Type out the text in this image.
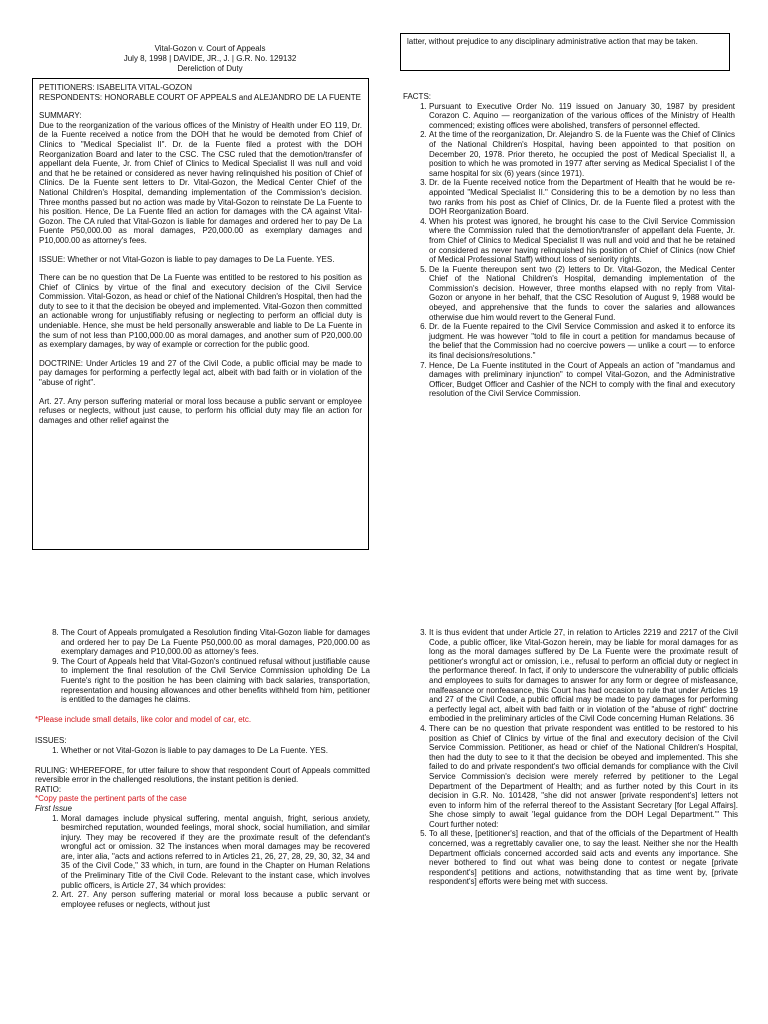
Vital-Gozon v. Court of Appeals
July 8, 1998 | DAVIDE, JR., J. | G.R. No. 129132
Dereliction of Duty

latter, without prejudice to any disciplinary administrative action that may be taken.

PETITIONERS: ISABELITA VITAL-GOZON

RESPONDENTS: HONORABLE COURT OF APPEALS and ALEJANDRO DE LA FUENTE

SUMMARY:

Due to the reorganization of the various offices of the Ministry of Health under EO 119, Dr. de la Fuente received a notice from the DOH that he would be demoted from Chief of Clinics to "Medical Specialist II". Dr. de la Fuente filed a protest with the DOH Reorganization Board and later to the CSC. The CSC ruled that the demotion/transfer of appellant dela Fuente, Jr. from Chief of Clinics to Medical Specialist II was null and void and that he be retained or considered as never having relinquished his position of Chief of Clinics. De la Fuente sent letters to Dr. Vital-Gozon, the Medical Center Chief of the National Children's Hospital, demanding implementation of the Commission's decision. Three months passed but no action was made by Vital-Gozon to reinstate De La Fuente to his position. Hence, De La Fuente filed an action for damages with the CA against Vital-Gozon. The CA ruled that Vital-Gozon is liable for damages and ordered her to pay De La Fuente P50,000.00 as moral damages, P20,000.00 as exemplary damages and P10,000.00 as attorney's fees.

ISSUE: Whether or not Vital-Gozon is liable to pay damages to De La Fuente. YES.

There can be no question that De La Fuente was entitled to be restored to his position as Chief of Clinics by virtue of the final and executory decision of the Civil Service Commission. Vital-Gozon, as head or chief of the National Children's Hospital, then had the duty to see to it that the decision be obeyed and implemented. Vital-Gozon then committed an actionable wrong for unjustifiably refusing or neglecting to perform an official duty is undeniable. Hence, she must be held personally answerable and liable to De La Fuente in the sum of not less than P100,000.00 as moral damages, and another sum of P20,000.00 as exemplary damages, by way of example or correction for the public good.

DOCTRINE: Under Articles 19 and 27 of the Civil Code, a public official may be made to pay damages for performing a perfectly legal act, albeit with bad faith or in violation of the "abuse of right".

Art. 27. Any person suffering material or moral loss because a public servant or employee refuses or neglects, without just cause, to perform his official duty may file an action for damages and other relief against the

FACTS:

1. Pursuant to Executive Order No. 119 issued on January 30, 1987 by president Corazon C. Aquino — reorganization of the various offices of the Ministry of Health commenced; existing offices were abolished, transfers of personnel effected.
2. At the time of the reorganization, Dr. Alejandro S. de la Fuente was the Chief of Clinics of the National Children's Hospital, having been appointed to that position on December 20, 1978. Prior thereto, he occupied the post of Medical Specialist II, a position to which he was promoted in 1977 after serving as Medical Specialist I of the same hospital for six (6) years (since 1971).
3. Dr. de la Fuente received notice from the Department of Health that he would be re-appointed "Medical Specialist II." Considering this to be a demotion by no less than two ranks from his post as Chief of Clinics, Dr. de la Fuente filed a protest with the DOH Reorganization Board.
4. When his protest was ignored, he brought his case to the Civil Service Commission where the Commission ruled that the demotion/transfer of appellant dela Fuente, Jr. from Chief of Clinics to Medical Specialist II was null and void and that he be retained or considered as never having relinquished his position of Chief of Clinics (now Chief of Medical Professional Staff) without loss of seniority rights.
5. De la Fuente thereupon sent two (2) letters to Dr. Vital-Gozon, the Medical Center Chief of the National Children's Hospital, demanding implementation of the Commission's decision. However, three months elapsed with no reply from Vital-Gozon or anyone in her behalf, that the CSC Resolution of August 9, 1988 would be obeyed, and apprehensive that the funds to cover the salaries and allowances otherwise due him would revert to the General Fund.
6. Dr. de la Fuente repaired to the Civil Service Commission and asked it to enforce its judgment. He was however "told to file in court a petition for mandamus because of the belief that the Commission had no coercive powers — unlike a court — to enforce its final decisions/resolutions."
7. Hence, De La Fuente instituted in the Court of Appeals an action of "mandamus and damages with preliminary injunction" to compel Vital-Gozon, and the Administrative Officer, Budget Officer and Cashier of the NCH to comply with the final and executory resolution of the Civil Service Commission.
8. The Court of Appeals promulgated a Resolution finding Vital-Gozon liable for damages and ordered her to pay De La Fuente P50,000.00 as moral damages, P20,000.00 as exemplary damages and P10,000.00 as attorney's fees.
9. The Court of Appeals held that Vital-Gozon's continued refusal without justifiable cause to implement the final resolution of the Civil Service Commission upholding De La Fuente's right to the position he has been claiming with back salaries, transportation, representation and housing allowances and other benefits withheld from him, petitioner is entitled to the damages he claims.

*Please include small details, like color and model of car, etc.

ISSUES:

1. Whether or not Vital-Gozon is liable to pay damages to De La Fuente. YES.

RULING: WHEREFORE, for utter failure to show that respondent Court of Appeals committed reversible error in the challenged resolutions, the instant petition is denied.

RATIO:

*Copy paste the pertinent parts of the case

First Issue

1. Moral damages include physical suffering, mental anguish, fright, serious anxiety, besmirched reputation, wounded feelings, moral shock, social humiliation, and similar injury. They may be recovered if they are the proximate result of the defendant's wrongful act or omission. 32 The instances when moral damages may be recovered are, inter alia, "acts and actions referred to in Articles 21, 26, 27, 28, 29, 30, 32, 34 and 35 of the Civil Code," 33 which, in turn, are found in the Chapter on Human Relations of the Preliminary Title of the Civil Code. Relevant to the instant case, which involves public officers, is Article 27, 34 which provides:
2. Art. 27. Any person suffering material or moral loss because a public servant or employee refuses or neglects, without just
3. It is thus evident that under Article 27, in relation to Articles 2219 and 2217 of the Civil Code, a public officer, like Vital-Gozon herein, may be liable for moral damages for as long as the moral damages suffered by De La Fuente were the proximate result of petitioner's wrongful act or omission, i.e., refusal to perform an official duty or neglect in the performance thereof. In fact, if only to underscore the vulnerability of public officials and employees to suits for damages to answer for any form or degree of misfeasance, malfeasance or nonfeasance, this Court has had occasion to rule that under Articles 19 and 27 of the Civil Code, a public official may be made to pay damages for performing a perfectly legal act, albeit with bad faith or in violation of the "abuse of right" doctrine embodied in the preliminary articles of the Civil Code concerning Human Relations. 36
4. There can be no question that private respondent was entitled to be restored to his position as Chief of Clinics by virtue of the final and executory decision of the Civil Service Commission. Petitioner, as head or chief of the National Children's Hospital, then had the duty to see to it that the decision be obeyed and implemented. This she failed to do and private respondent's two official demands for compliance with the Civil Service Commission's decision were merely referred by petitioner to the Legal Department of the Department of Health; and as further noted by this Court in its decision in G.R. No. 101428, "she did not answer [private respondent's] letters not even to inform him of the referral thereof to the Assistant Secretary [for Legal Affairs]. She chose simply to await 'legal guidance from the DOH Legal Department.'" This Court further noted:
5. To all these, [petitioner's] reaction, and that of the officials of the Department of Health concerned, was a regrettably cavalier one, to say the least. Neither she nor the Health Department officials concerned accorded said acts and events any importance. She never bothered to find out what was being done to contest or negate [private respondent's] petitions and actions, notwithstanding that as time went by, [private respondent's] efforts were being met with success.
